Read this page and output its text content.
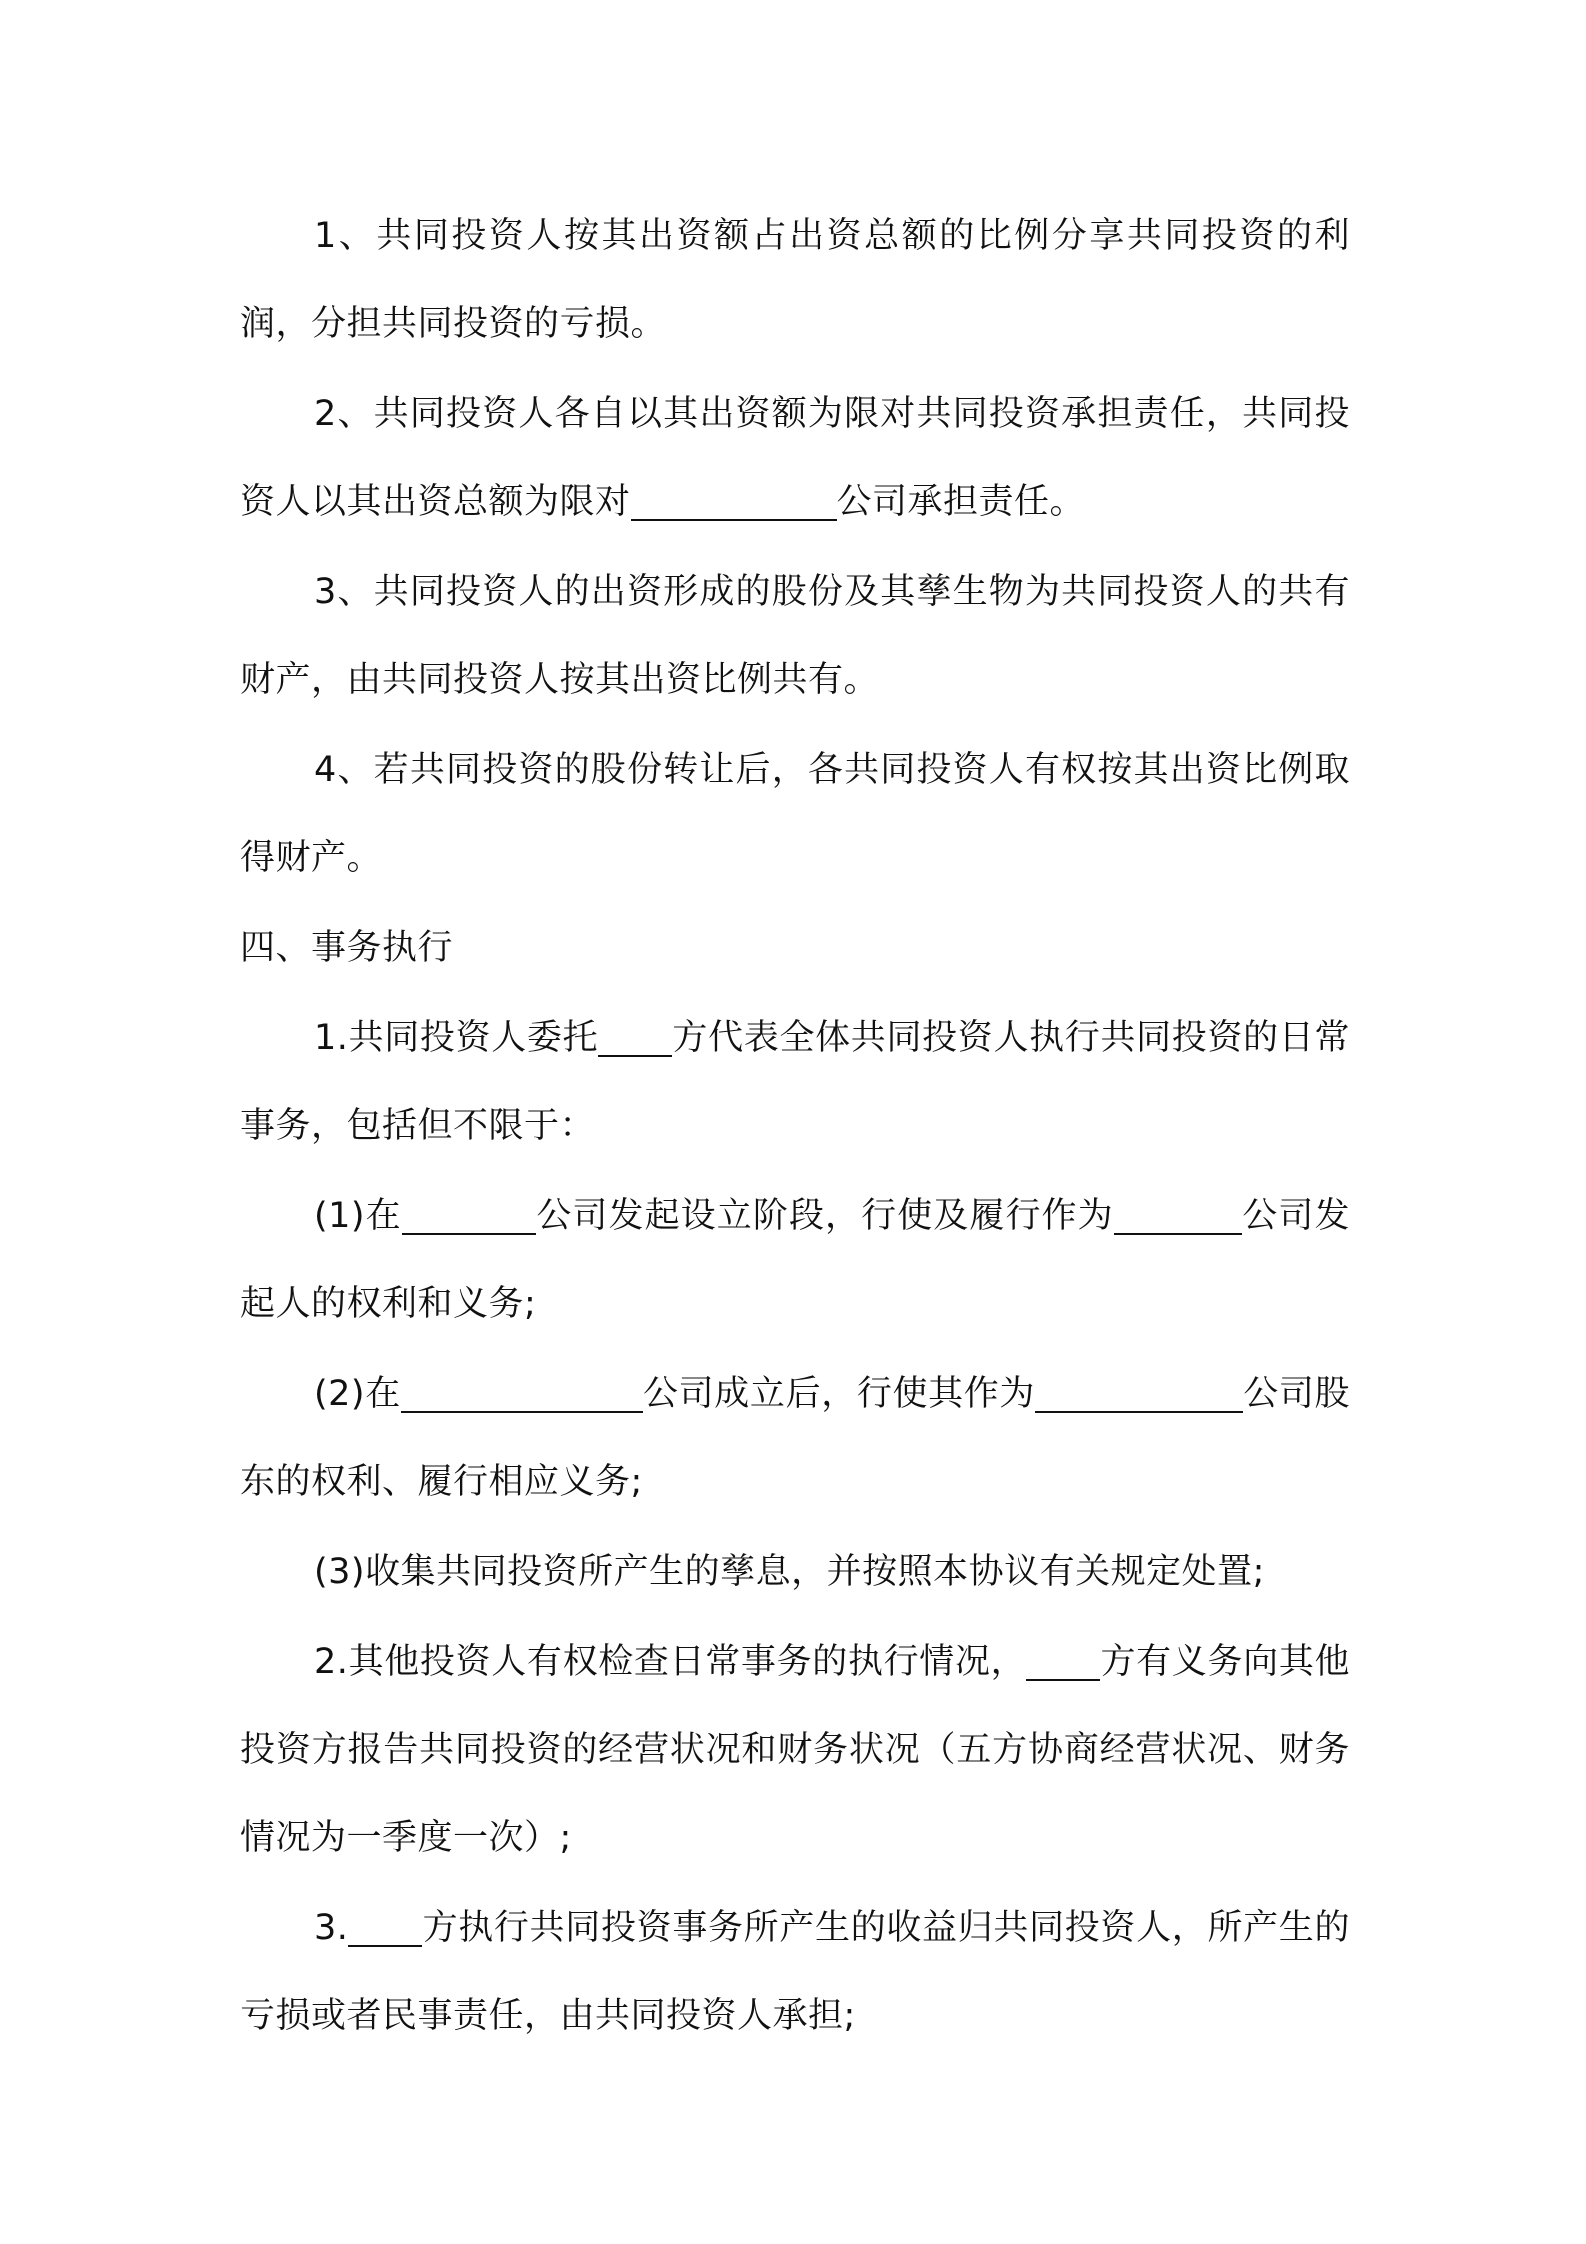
1、共同投资人按其出资额占出资总额的比例分享共同投资的利润，分担共同投资的亏损。

2、共同投资人各自以其出资额为限对共同投资承担责任，共同投资人以其出资总额为限对	公司承担责任。

3、共同投资人的出资形成的股份及其孳生物为共同投资人的共有财产，由共同投资人按其出资比例共有。

4、若共同投资的股份转让后，各共同投资人有权按其出资比例取得财产。

四、事务执行

1.共同投资人委托 方代表全体共同投资人执行共同投资的日常事务，包括但不限于：

(1)在	公司发起设立阶段，行使及履行作为	公司发起人的权利和义务;

(2)在	公司成立后，行使其作为	公司股东的权利、履行相应义务;

(3)收集共同投资所产生的孳息，并按照本协议有关规定处置;

2.其他投资人有权检查日常事务的执行情况， 方有义务向其他投资方报告共同投资的经营状况和财务状况（五方协商经营状况、财务情况为一季度一次）;

3. 方执行共同投资事务所产生的收益归共同投资人，所产生的亏损或者民事责任，由共同投资人承担;
